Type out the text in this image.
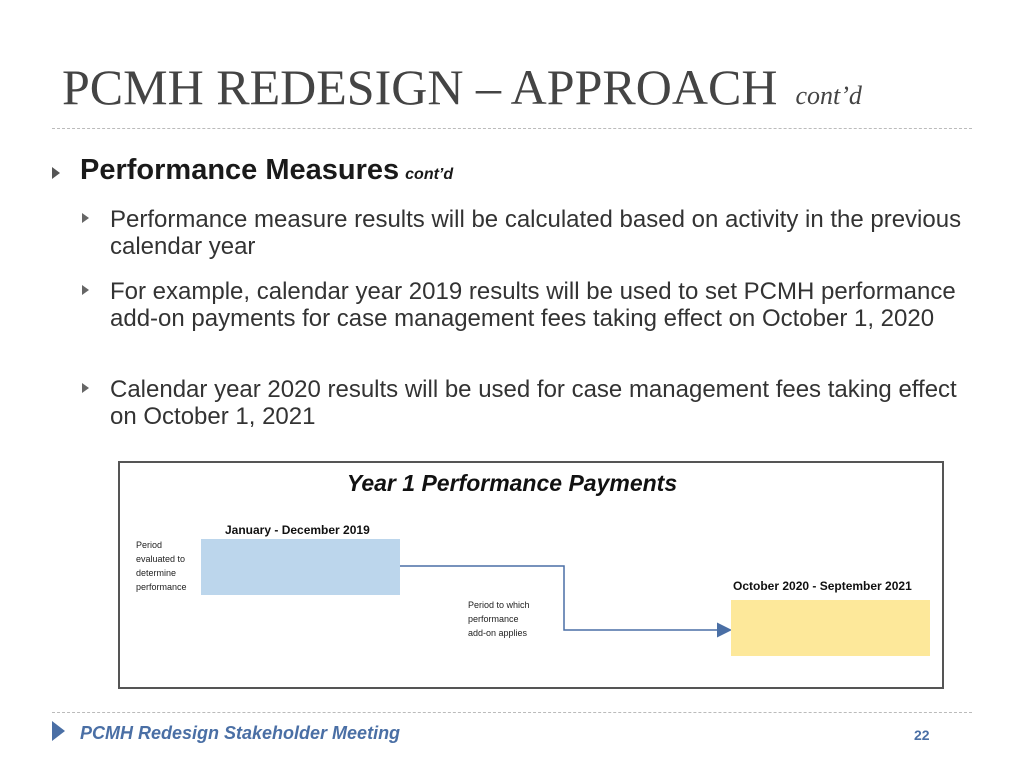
PCMH REDESIGN – APPROACH cont’d
Performance Measures cont’d
Performance measure results will be calculated based on activity in the previous calendar year
For example, calendar year 2019 results will be used to set PCMH performance add-on payments for case management fees taking effect on October 1, 2020
Calendar year 2020 results will be used for case management fees taking effect on October 1, 2021
Year 1 Performance Payments
January - December 2019
Period evaluated to determine performance
Period to which performance add-on applies
October 2020 - September 2021
PCMH Redesign Stakeholder Meeting	22
